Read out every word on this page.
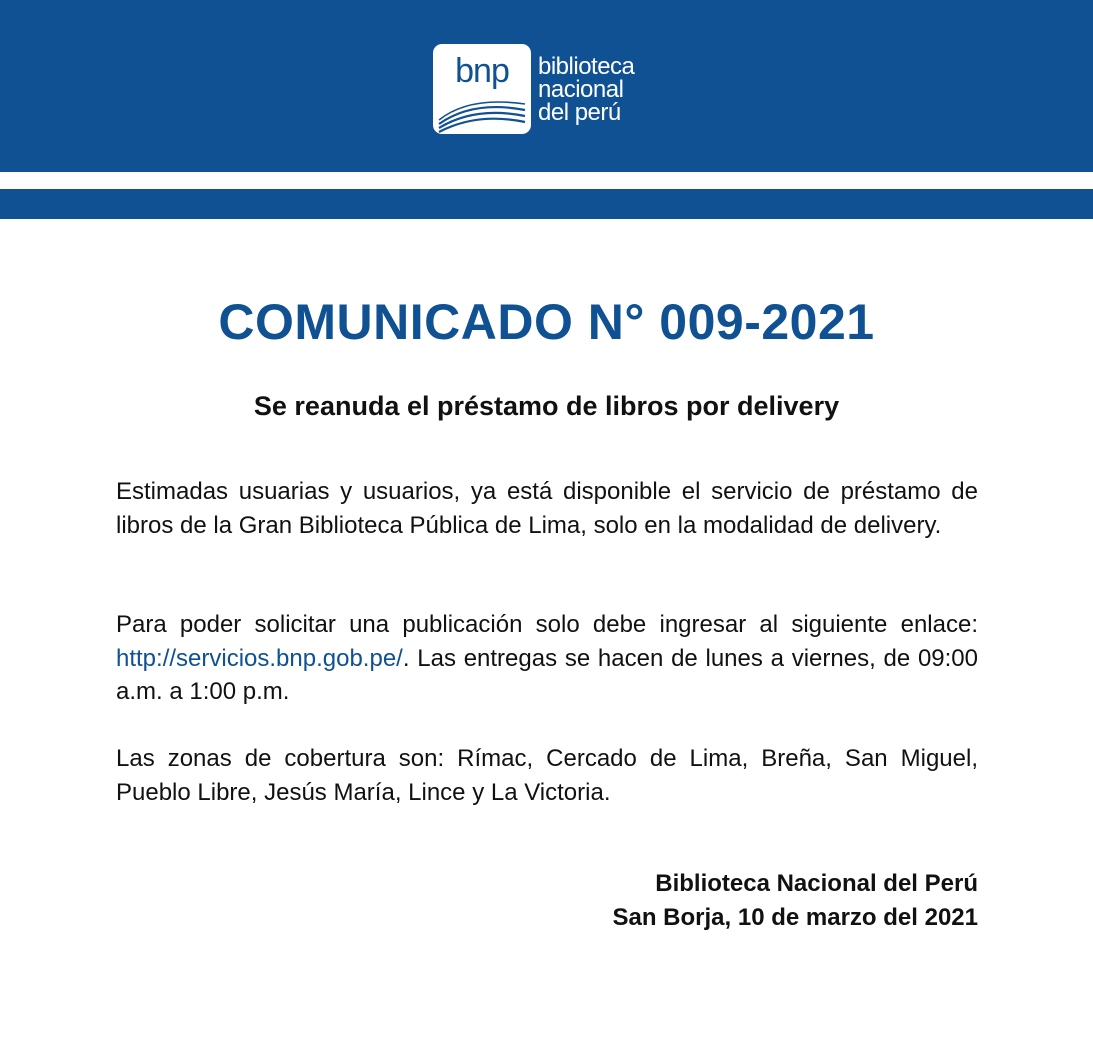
bnp	biblioteca
nacional
del perú
COMUNICADO N° 009-2021
Se reanuda el préstamo de libros por delivery

Estimadas usuarias y usuarios, ya está disponible el servicio de préstamo de libros de la Gran Biblioteca Pública de Lima, solo en la modalidad de delivery.

Para poder solicitar una publicación solo debe ingresar al siguiente enlace: http://servicios.bnp.gob.pe/. Las entregas se hacen de lunes a viernes, de 09:00 a.m. a 1:00 p.m.

Las zonas de cobertura son: Rímac, Cercado de Lima, Breña, San Miguel, Pueblo Libre, Jesús María, Lince y La Victoria.

Biblioteca Nacional del Perú
San Borja, 10 de marzo del 2021
